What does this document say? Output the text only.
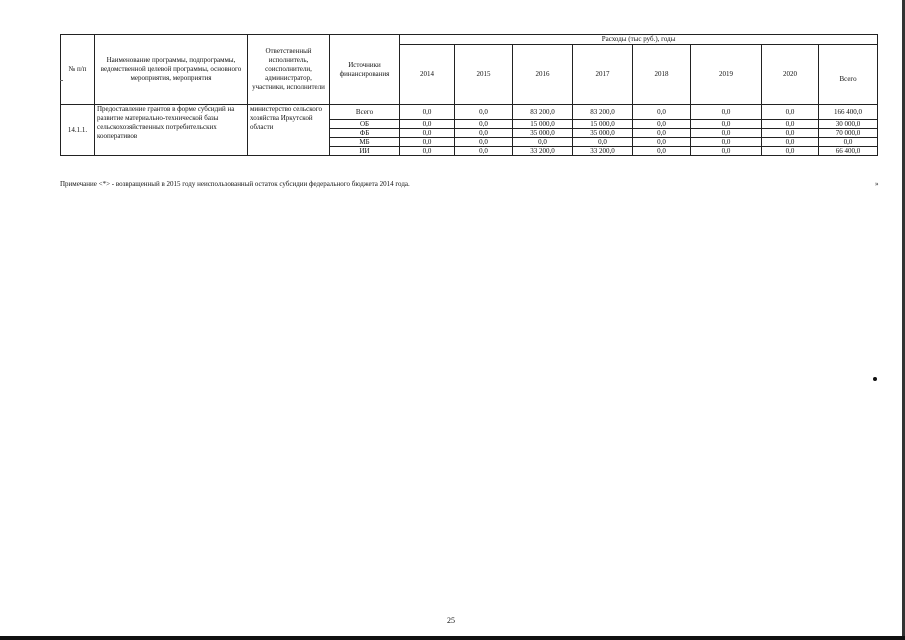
№ п/п	Наименование программы, подпрограммы, ведомственной целевой программы, основного мероприятия, мероприятия	Ответственный исполнитель, соисполнители, администратор, участники, исполнители	Источники финансирования	Расходы (тыс руб.), годы							
				2014	2015	2016	2017	2018	2019	2020	Всего
14.1.1.	Предоставление грантов в форме субсидий на развитие материально-технической базы сельскохозяйственных потребительских кооперативов	министерство сельского хозяйства Иркутской области	Всего	0,0	0,0	83 200,0	83 200,0	0,0	0,0	0,0	166 400,0
			ОБ	0,0	0,0	15 000,0	15 000,0	0,0	0,0	0,0	30 000,0
			ФБ	0,0	0,0	35 000,0	35 000,0	0,0	0,0	0,0	70 000,0
			МБ	0,0	0,0	0,0	0,0	0,0	0,0	0,0	0,0
			ИИ	0,0	0,0	33 200,0	33 200,0	0,0	0,0	0,0	66 400,0
Примечание <*> - возвращенный в 2015 году неиспользованный остаток субсидии федерального бюджета 2014 года.	»
25
